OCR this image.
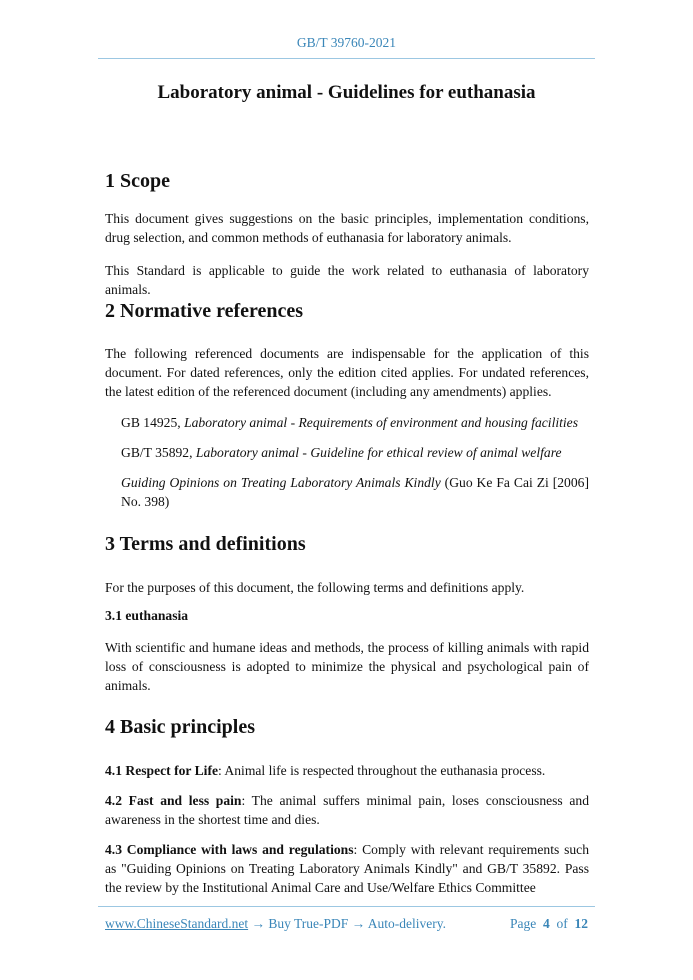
GB/T 39760-2021
Laboratory animal - Guidelines for euthanasia
1 Scope
This document gives suggestions on the basic principles, implementation conditions, drug selection, and common methods of euthanasia for laboratory animals.
This Standard is applicable to guide the work related to euthanasia of laboratory animals.
2 Normative references
The following referenced documents are indispensable for the application of this document. For dated references, only the edition cited applies. For undated references, the latest edition of the referenced document (including any amendments) applies.
GB 14925, Laboratory animal - Requirements of environment and housing facilities
GB/T 35892, Laboratory animal - Guideline for ethical review of animal welfare
Guiding Opinions on Treating Laboratory Animals Kindly (Guo Ke Fa Cai Zi [2006] No. 398)
3 Terms and definitions
For the purposes of this document, the following terms and definitions apply.
3.1 euthanasia
With scientific and humane ideas and methods, the process of killing animals with rapid loss of consciousness is adopted to minimize the physical and psychological pain of animals.
4 Basic principles
4.1 Respect for Life: Animal life is respected throughout the euthanasia process.
4.2 Fast and less pain: The animal suffers minimal pain, loses consciousness and awareness in the shortest time and dies.
4.3 Compliance with laws and regulations: Comply with relevant requirements such as "Guiding Opinions on Treating Laboratory Animals Kindly" and GB/T 35892. Pass the review by the Institutional Animal Care and Use/Welfare Ethics Committee
www.ChineseStandard.net → Buy True-PDF → Auto-delivery.	Page 4 of 12
